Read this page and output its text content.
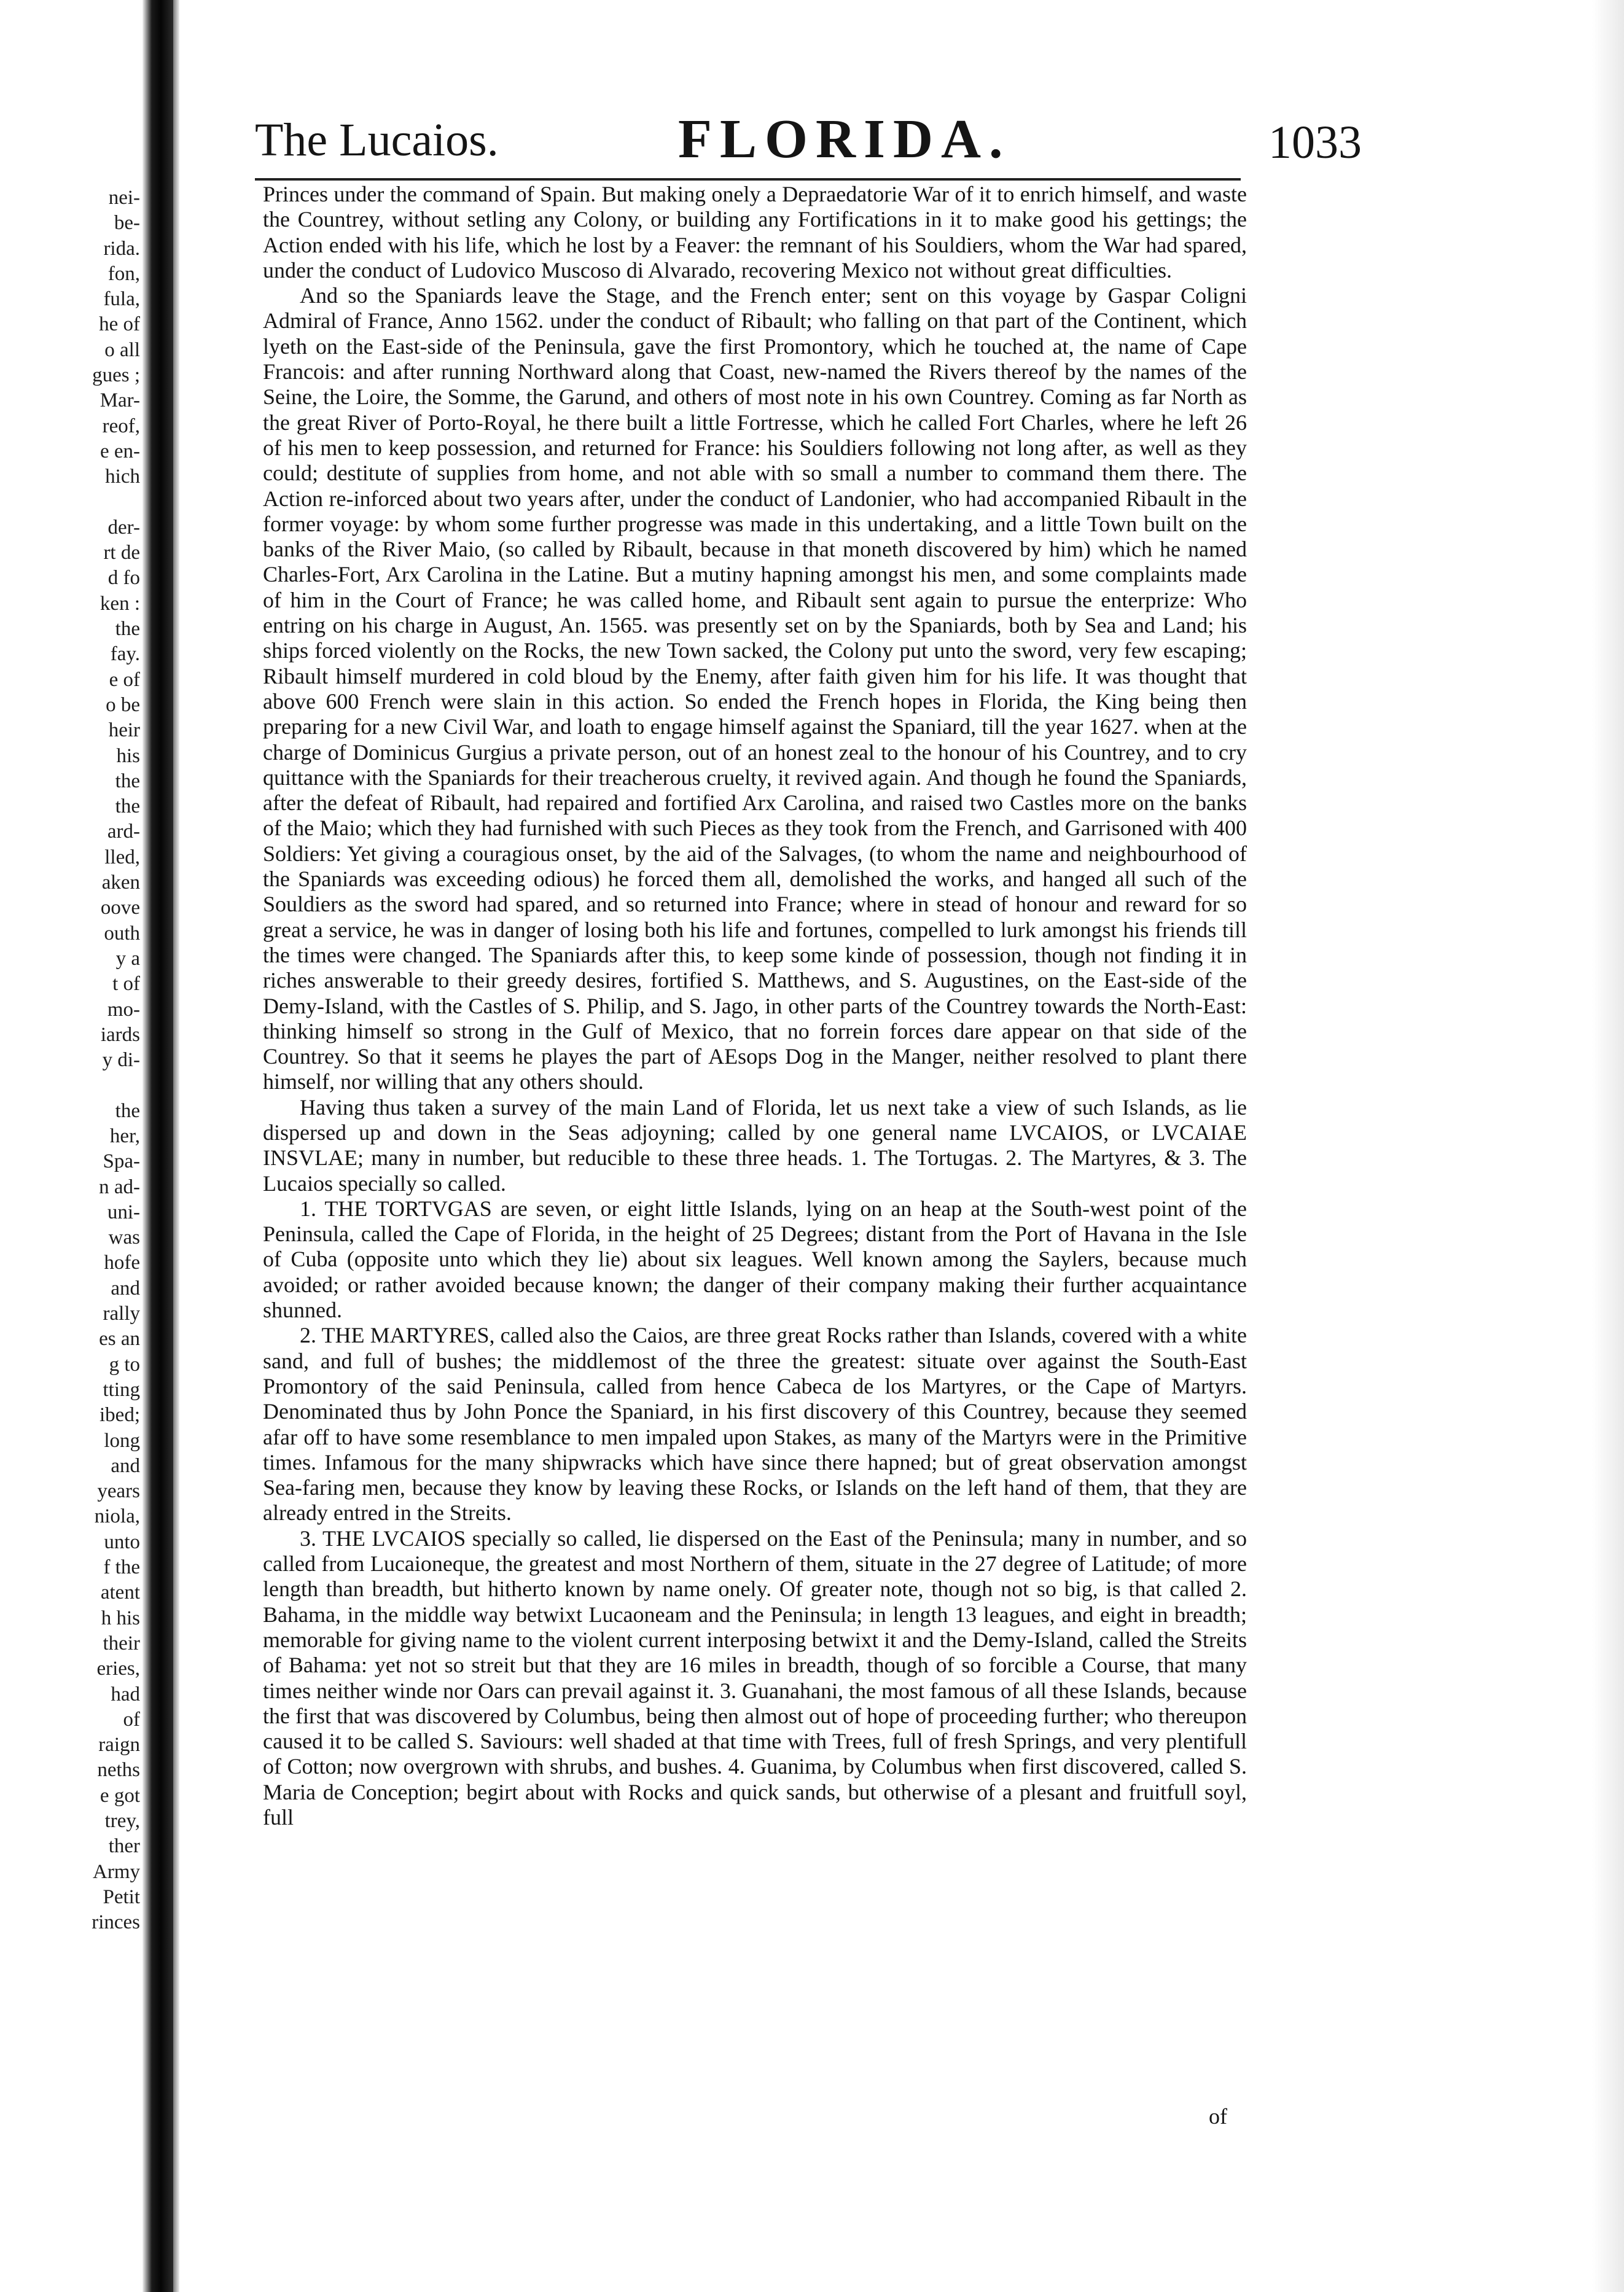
nei-
be-
rida.
fon,
fula,
he of
o all
gues ;
Mar-
reof,
e en-
hich
der-
rt de
d fo
ken :
the
fay.
e of
o be
heir
his
the
the
ard-
lled,
aken
oove
outh
y a
t of
mo-
iards
y di-
the
her,
Spa-
n ad-
uni-
was
hofe
and
rally
es an
g to
tting
ibed;
long
and
years
niola,
unto
f the
atent
h his
their
eries,
had
of
raign
neths
e got
trey,
ther
Army
Petit
rinces
The Lucaios.	FLORIDA.	1033

Princes under the command of Spain. But making onely a Depraedatorie War of it to enrich himself, and waste the Countrey, without setling any Colony, or building any Fortifications in it to make good his gettings; the Action ended with his life, which he lost by a Feaver: the remnant of his Souldiers, whom the War had spared, under the conduct of Ludovico Muscoso di Alvarado, recovering Mexico not without great difficulties.

And so the Spaniards leave the Stage, and the French enter; sent on this voyage by Gaspar Coligni Admiral of France, Anno 1562. under the conduct of Ribault; who falling on that part of the Continent, which lyeth on the East-side of the Peninsula, gave the first Promontory, which he touched at, the name of Cape Francois: and after running Northward along that Coast, new-named the Rivers thereof by the names of the Seine, the Loire, the Somme, the Garund, and others of most note in his own Countrey. Coming as far North as the great River of Porto-Royal, he there built a little Fortresse, which he called Fort Charles, where he left 26 of his men to keep possession, and returned for France: his Souldiers following not long after, as well as they could; destitute of supplies from home, and not able with so small a number to command them there. The Action re-inforced about two years after, under the conduct of Landonier, who had accompanied Ribault in the former voyage: by whom some further progresse was made in this undertaking, and a little Town built on the banks of the River Maio, (so called by Ribault, because in that moneth discovered by him) which he named Charles-Fort, Arx Carolina in the Latine. But a mutiny hapning amongst his men, and some complaints made of him in the Court of France; he was called home, and Ribault sent again to pursue the enterprize: Who entring on his charge in August, An. 1565. was presently set on by the Spaniards, both by Sea and Land; his ships forced violently on the Rocks, the new Town sacked, the Colony put unto the sword, very few escaping; Ribault himself murdered in cold bloud by the Enemy, after faith given him for his life. It was thought that above 600 French were slain in this action. So ended the French hopes in Florida, the King being then preparing for a new Civil War, and loath to engage himself against the Spaniard, till the year 1627. when at the charge of Dominicus Gurgius a private person, out of an honest zeal to the honour of his Countrey, and to cry quittance with the Spaniards for their treacherous cruelty, it revived again. And though he found the Spaniards, after the defeat of Ribault, had repaired and fortified Arx Carolina, and raised two Castles more on the banks of the Maio; which they had furnished with such Pieces as they took from the French, and Garrisoned with 400 Soldiers: Yet giving a couragious onset, by the aid of the Salvages, (to whom the name and neighbourhood of the Spaniards was exceeding odious) he forced them all, demolished the works, and hanged all such of the Souldiers as the sword had spared, and so returned into France; where in stead of honour and reward for so great a service, he was in danger of losing both his life and fortunes, compelled to lurk amongst his friends till the times were changed. The Spaniards after this, to keep some kinde of possession, though not finding it in riches answerable to their greedy desires, fortified S. Matthews, and S. Augustines, on the East-side of the Demy-Island, with the Castles of S. Philip, and S. Jago, in other parts of the Countrey towards the North-East: thinking himself so strong in the Gulf of Mexico, that no forrein forces dare appear on that side of the Countrey. So that it seems he playes the part of AEsops Dog in the Manger, neither resolved to plant there himself, nor willing that any others should.

Having thus taken a survey of the main Land of Florida, let us next take a view of such Islands, as lie dispersed up and down in the Seas adjoyning; called by one general name LVCAIOS, or LVCAIAE INSVLAE; many in number, but reducible to these three heads. 1. The Tortugas. 2. The Martyres, & 3. The Lucaios specially so called.

1. THE TORTVGAS are seven, or eight little Islands, lying on an heap at the South-west point of the Peninsula, called the Cape of Florida, in the height of 25 Degrees; distant from the Port of Havana in the Isle of Cuba (opposite unto which they lie) about six leagues. Well known among the Saylers, because much avoided; or rather avoided because known; the danger of their company making their further acquaintance shunned.

2. THE MARTYRES, called also the Caios, are three great Rocks rather than Islands, covered with a white sand, and full of bushes; the middlemost of the three the greatest: situate over against the South-East Promontory of the said Peninsula, called from hence Cabeca de los Martyres, or the Cape of Martyrs. Denominated thus by John Ponce the Spaniard, in his first discovery of this Countrey, because they seemed afar off to have some resemblance to men impaled upon Stakes, as many of the Martyrs were in the Primitive times. Infamous for the many shipwracks which have since there hapned; but of great observation amongst Sea-faring men, because they know by leaving these Rocks, or Islands on the left hand of them, that they are already entred in the Streits.

3. THE LVCAIOS specially so called, lie dispersed on the East of the Peninsula; many in number, and so called from Lucaioneque, the greatest and most Northern of them, situate in the 27 degree of Latitude; of more length than breadth, but hitherto known by name onely. Of greater note, though not so big, is that called 2. Bahama, in the middle way betwixt Lucaoneam and the Peninsula; in length 13 leagues, and eight in breadth; memorable for giving name to the violent current interposing betwixt it and the Demy-Island, called the Streits of Bahama: yet not so streit but that they are 16 miles in breadth, though of so forcible a Course, that many times neither winde nor Oars can prevail against it. 3. Guanahani, the most famous of all these Islands, because the first that was discovered by Columbus, being then almost out of hope of proceeding further; who thereupon caused it to be called S. Saviours: well shaded at that time with Trees, full of fresh Springs, and very plentifull of Cotton; now overgrown with shrubs, and bushes. 4. Guanima, by Columbus when first discovered, called S. Maria de Conception; begirt about with Rocks and quick sands, but otherwise of a plesant and fruitfull soyl, full

of
